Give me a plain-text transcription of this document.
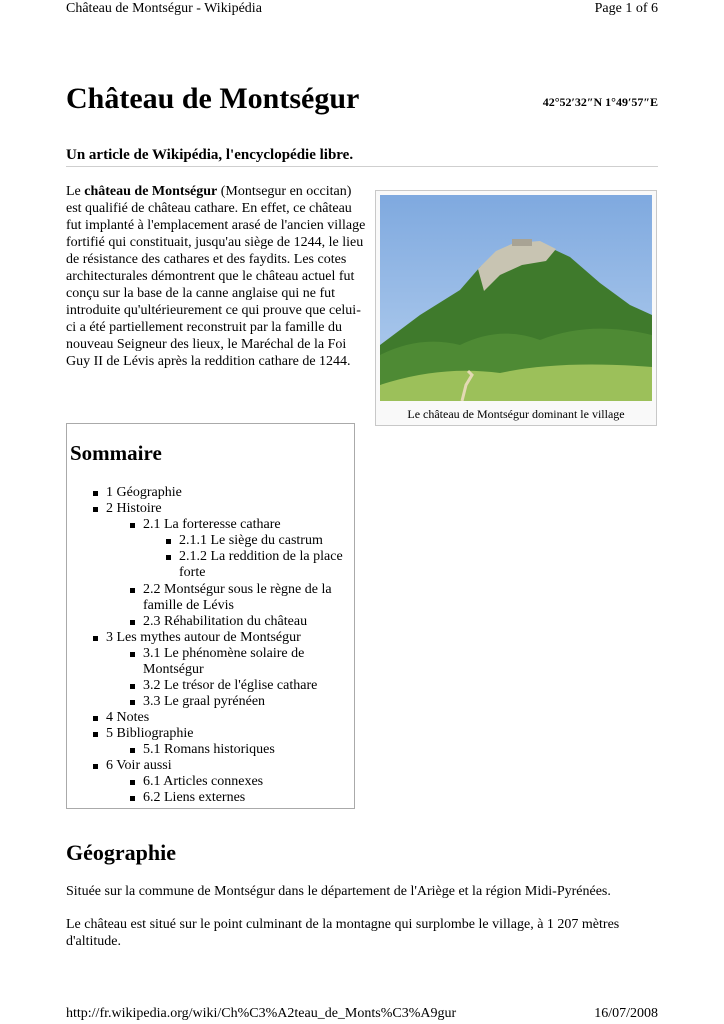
Château de Montségur - Wikipédia	Page 1 of 6
Château de Montségur	42°52′32″N 1°49′57″E
Un article de Wikipédia, l'encyclopédie libre.

Le château de Montségur (Montsegur en occitan) est qualifié de château cathare. En effet, ce château fut implanté à l'emplacement arasé de l'ancien village fortifié qui constituait, jusqu'au siège de 1244, le lieu de résistance des cathares et des faydits. Les cotes architecturales démontrent que le château actuel fut conçu sur la base de la canne anglaise qui ne fut introduite qu'ultérieurement ce qui prouve que celui-ci a été partiellement reconstruit par la famille du nouveau Seigneur des lieux, le Maréchal de la Foi Guy II de Lévis après la reddition cathare de 1244.

Le château de Montségur dominant le village
Sommaire
1 Géographie
2 Histoire
2.1 La forteresse cathare
2.1.1 Le siège du castrum
2.1.2 La reddition de la place forte
2.2 Montségur sous le règne de la famille de Lévis
2.3 Réhabilitation du château
3 Les mythes autour de Montségur
3.1 Le phénomène solaire de Montségur
3.2 Le trésor de l'église cathare
3.3 Le graal pyrénéen
4 Notes
5 Bibliographie
5.1 Romans historiques
6 Voir aussi
6.1 Articles connexes
6.2 Liens externes
Géographie

Située sur la commune de Montségur dans le département de l'Ariège et la région Midi-Pyrénées.

Le château est situé sur le point culminant de la montagne qui surplombe le village, à 1 207 mètres d'altitude.

http://fr.wikipedia.org/wiki/Ch%C3%A2teau_de_Monts%C3%A9gur	16/07/2008
